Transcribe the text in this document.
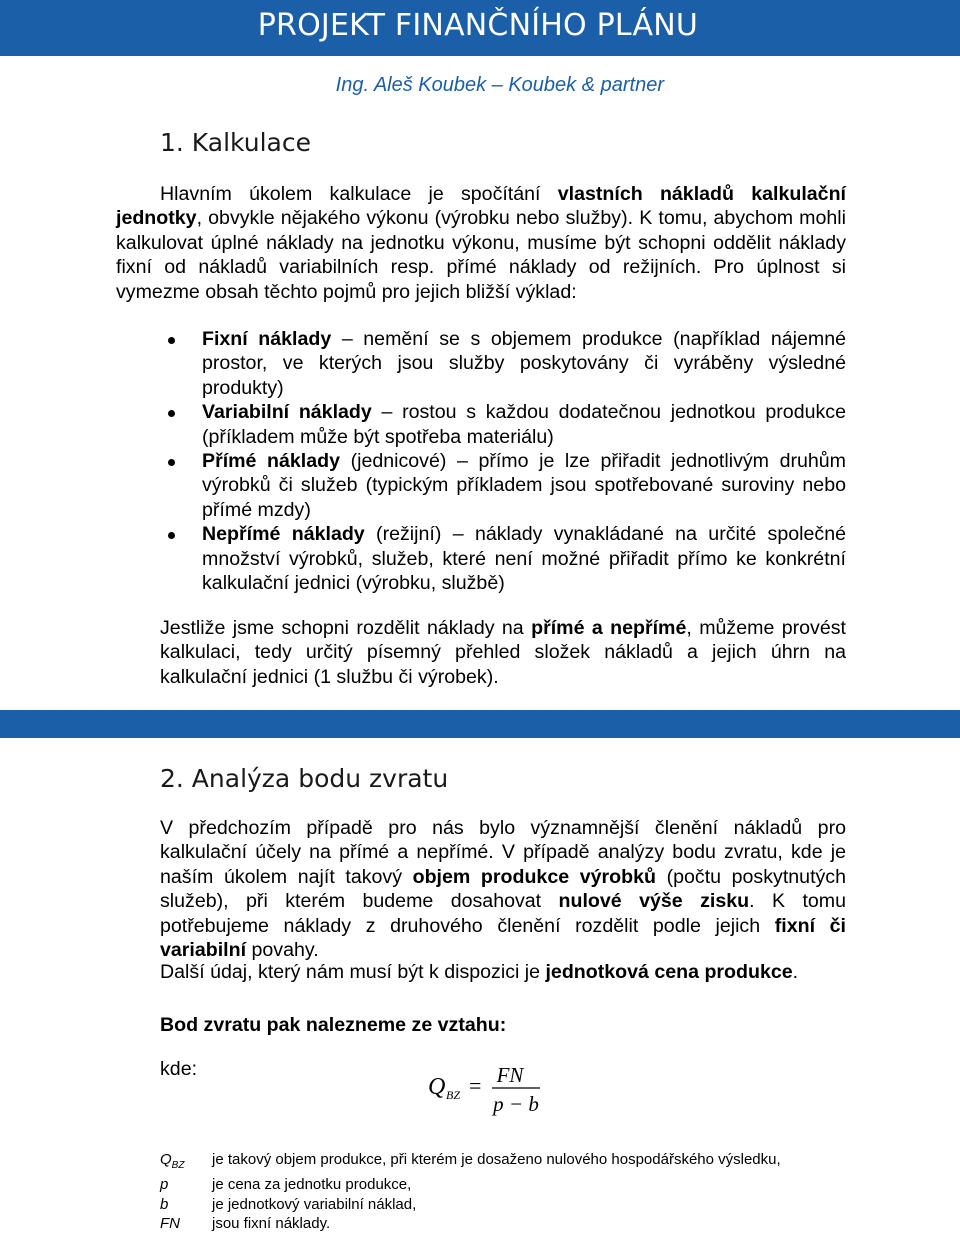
PROJEKT FINANČNÍHO PLÁNU
Ing. Aleš Koubek – Koubek & partner
1. Kalkulace
Hlavním úkolem kalkulace je spočítání vlastních nákladů kalkulační jednotky, obvykle nějakého výkonu (výrobku nebo služby). K tomu, abychom mohli kalkulovat úplné náklady na jednotku výkonu, musíme být schopni oddělit náklady fixní od nákladů variabilních resp. přímé náklady od režijních. Pro úplnost si vymezme obsah těchto pojmů pro jejich bližší výklad:
Fixní náklady – nemění se s objemem produkce (například nájemné prostor, ve kterých jsou služby poskytovány či vyráběny výsledné produkty)
Variabilní náklady – rostou s každou dodatečnou jednotkou produkce (příkladem může být spotřeba materiálu)
Přímé náklady (jednicové) – přímo je lze přiřadit jednotlivým druhům výrobků či služeb (typickým příkladem jsou spotřebované suroviny nebo přímé mzdy)
Nepřímé náklady (režijní) – náklady vynakládané na určité společné množství výrobků, služeb, které není možné přiřadit přímo ke konkrétní kalkulační jednici (výrobku, službě)
Jestliže jsme schopni rozdělit náklady na přímé a nepřímé, můžeme provést kalkulaci, tedy určitý písemný přehled složek nákladů a jejich úhrn na kalkulační jednici (1 službu či výrobek).
2. Analýza bodu zvratu
V předchozím případě pro nás bylo významnější členění nákladů pro kalkulační účely na přímé a nepřímé. V případě analýzy bodu zvratu, kde je naším úkolem najít takový objem produkce výrobků (počtu poskytnutých služeb), při kterém budeme dosahovat nulové výše zisku. K tomu potřebujeme náklady z druhového členění rozdělit podle jejich fixní či variabilní povahy.
Další údaj, který nám musí být k dispozici je jednotková cena produkce.
Bod zvratu pak nalezneme ze vztahu:
kde:
Q BZ = FN
p − b
$Q_{BZ}$	je takový objem produkce, při kterém je dosaženo nulového hospodářského výsledku,
p	je cena za jednotku produkce,
b	je jednotkový variabilní náklad,
FN	jsou fixní náklady.
